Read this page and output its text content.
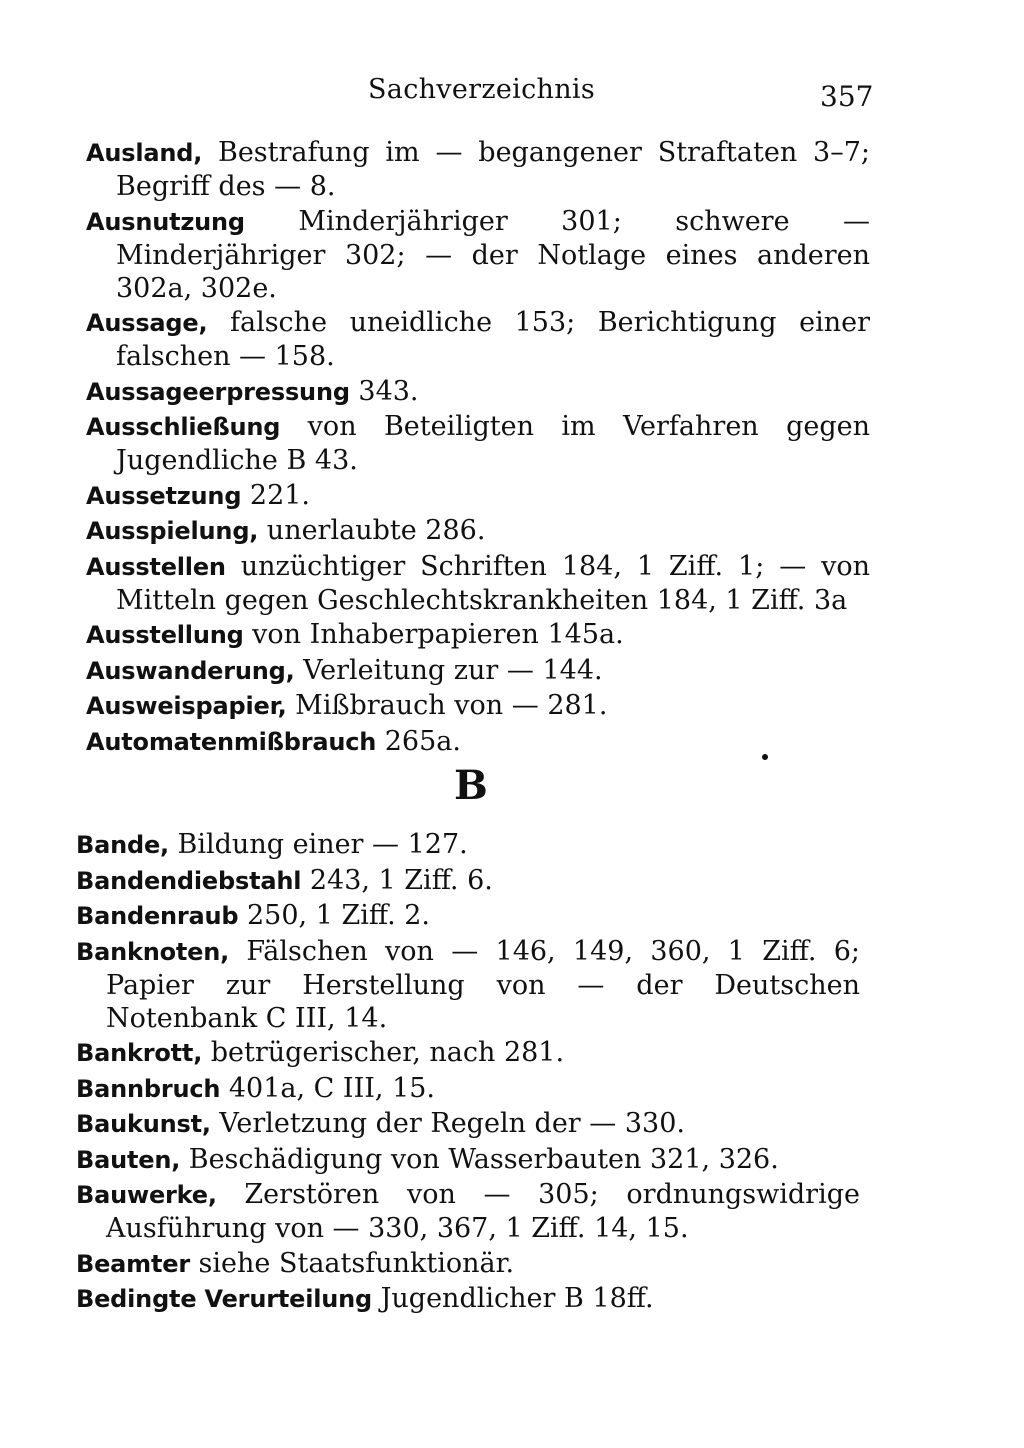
Sachverzeichnis	357

Ausland, Bestrafung im — begangener Straftaten 3–7; Begriff des — 8.

Ausnutzung Minderjähriger 301; schwere — Minderjähriger 302; — der Notlage eines anderen 302a, 302e.

Aussage, falsche uneidliche 153; Berichtigung einer falschen — 158.

Aussageerpressung 343.

Ausschließung von Beteiligten im Verfahren gegen Jugendliche B 43.

Aussetzung 221.

Ausspielung, unerlaubte 286.

Ausstellen unzüchtiger Schriften 184, 1 Ziff. 1; — von Mitteln gegen Geschlechtskrankheiten 184, 1 Ziff. 3a

Ausstellung von Inhaberpapieren 145a.

Auswanderung, Verleitung zur — 144.

Ausweispapier, Mißbrauch von — 281.

Automatenmißbrauch 265a.

B

Bande, Bildung einer — 127.

Bandendiebstahl 243, 1 Ziff. 6.

Bandenraub 250, 1 Ziff. 2.

Banknoten, Fälschen von — 146, 149, 360, 1 Ziff. 6; Papier zur Herstellung von — der Deutschen Notenbank C III, 14.

Bankrott, betrügerischer, nach 281.

Bannbruch 401a, C III, 15.

Baukunst, Verletzung der Regeln der — 330.

Bauten, Beschädigung von Wasserbauten 321, 326.

Bauwerke, Zerstören von — 305; ordnungswidrige Ausführung von — 330, 367, 1 Ziff. 14, 15.

Beamter siehe Staatsfunktionär.

Bedingte Verurteilung Jugendlicher B 18ff.
